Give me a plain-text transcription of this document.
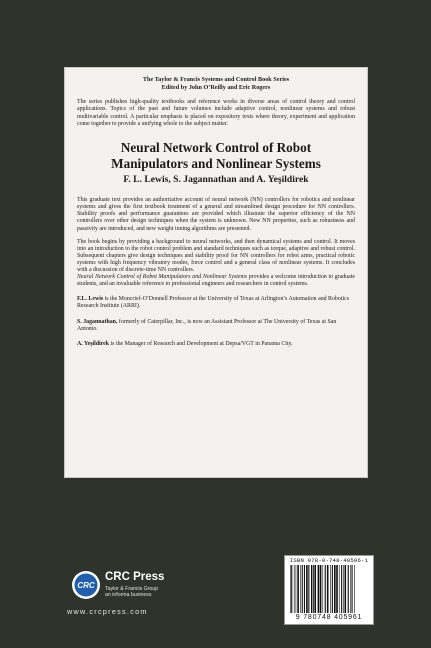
The Taylor & Francis Systems and Control Book Series
Edited by John O’Reilly and Eric Rogers

The series publishes high-quality textbooks and reference works in diverse areas of control theory and control applications. Topics of the past and future volumes include adaptive control, nonlinear systems and robust multivariable control. A particular emphasis is placed on expository texts where theory, experiment and application come together to provide a unifying whole to the subject matter.

Neural Network Control of Robot
Manipulators and Nonlinear Systems
F. L. Lewis, S. Jagannathan and A. Yeşildirek

This graduate text provides an authoritative account of neural network (NN) controllers for robotics and nonlinear systems and gives the first textbook treatment of a general and streamlined design procedure for NN controllers. Stability proofs and performance guarantees are provided which illustrate the superior efficiency of the NN controllers over other design techniques when the system is unknown. New NN properties, such as robustness and passivity are introduced, and new weight tuning algorithms are presented.

The book begins by providing a background to neural networks, and then dynamical systems and control. It moves into an introduction to the robot control problem and standard techniques such as torque, adaptive and robust control. Subsequent chapters give design techniques and stability proof for NN controllers for robot arms, practical robotic systems with high frequency vibratory modes, force control and a general class of nonlinear systems. It concludes with a discussion of discrete-time NN controllers.

Neural Network Control of Robot Manipulators and Nonlinear Systems provides a welcome introduction to graduate students, and an invaluable reference to professional engineers and researchers in control systems.

F.L. Lewis is the Moncrief-O’Donnell Professor at the University of Texas at Arlington’s Automation and Robotics Research Institute (ARRI).

S. Jagannathan, formerly of Caterpillar, Inc., is now an Assistant Professor at The University of Texas at San Antonio.

A. Yeşildirek is the Manager of Research and Development at Depsa/VGT in Panama City.

CRC
CRC Press
Taylor & Francis Group
an informa business
www.crcpress.com
ISBN 978-0-748-40596-1
9 780748 405961
